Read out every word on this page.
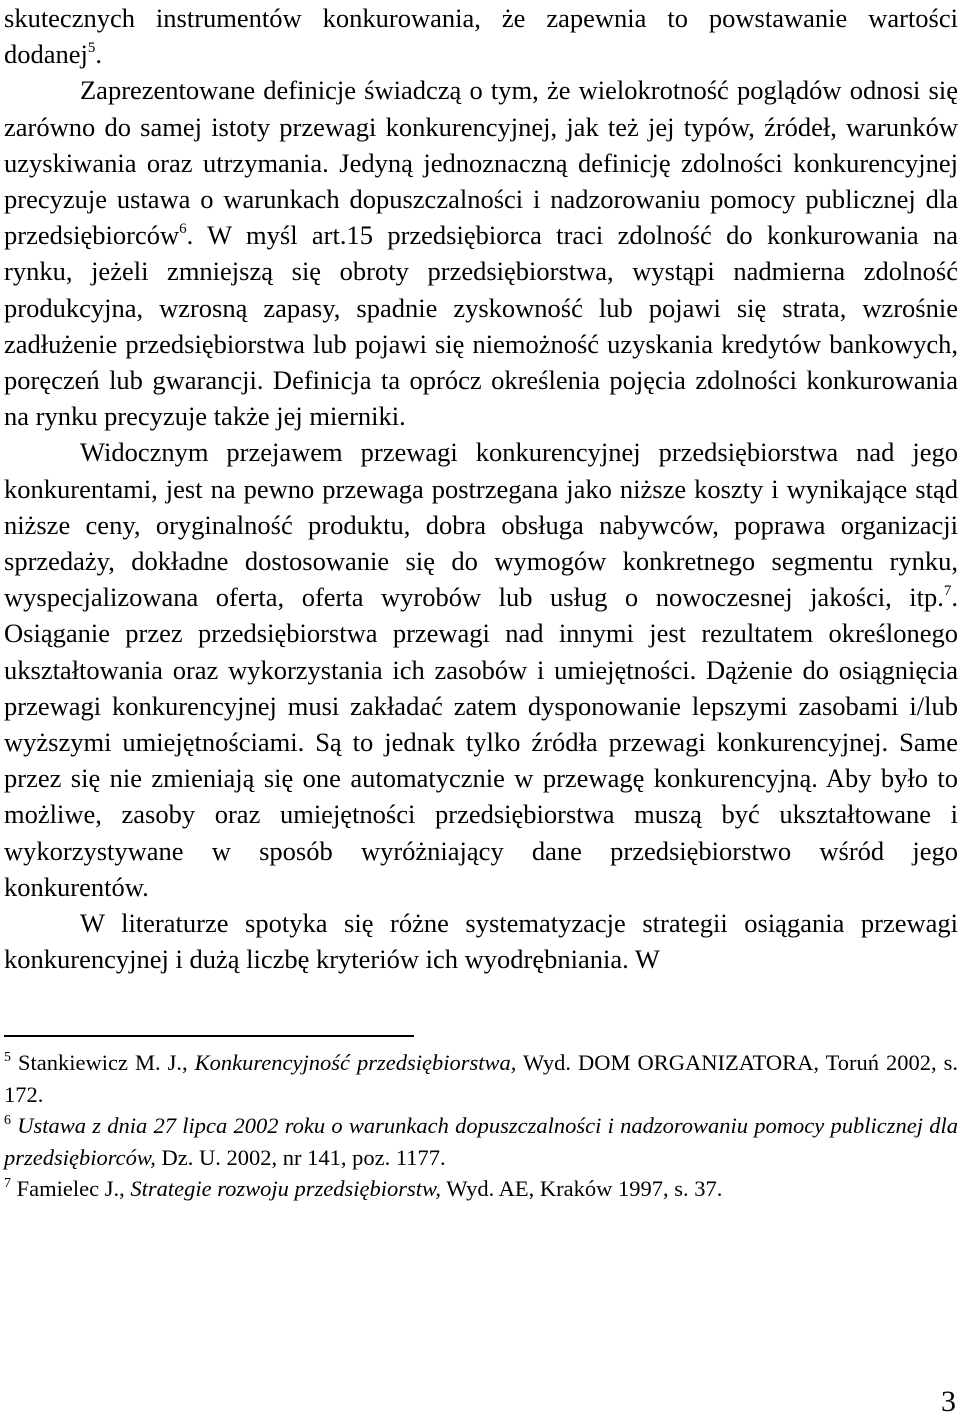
skutecznych instrumentów konkurowania, że zapewnia to powstawanie wartości dodanej$^5$.

Zaprezentowane definicje świadczą o tym, że wielokrotność poglądów odnosi się zarówno do samej istoty przewagi konkurencyjnej, jak też jej typów, źródeł, warunków uzyskiwania oraz utrzymania. Jedyną jednoznaczną definicję zdolności konkurencyjnej precyzuje ustawa o warunkach dopuszczalności i nadzorowaniu pomocy publicznej dla przedsiębiorców$^6$. W myśl art.15 przedsiębiorca traci zdolność do konkurowania na rynku, jeżeli zmniejszą się obroty przedsiębiorstwa, wystąpi nadmierna zdolność produkcyjna, wzrosną zapasy, spadnie zyskowność lub pojawi się strata, wzrośnie zadłużenie przedsiębiorstwa lub pojawi się niemożność uzyskania kredytów bankowych, poręczeń lub gwarancji. Definicja ta oprócz określenia pojęcia zdolności konkurowania na rynku precyzuje także jej mierniki.

Widocznym przejawem przewagi konkurencyjnej przedsiębiorstwa nad jego konkurentami, jest na pewno przewaga postrzegana jako niższe koszty i wynikające stąd niższe ceny, oryginalność produktu, dobra obsługa nabywców, poprawa organizacji sprzedaży, dokładne dostosowanie się do wymogów konkretnego segmentu rynku, wyspecjalizowana oferta, oferta wyrobów lub usług o nowoczesnej jakości, itp.$^7$. Osiąganie przez przedsiębiorstwa przewagi nad innymi jest rezultatem określonego ukształtowania oraz wykorzystania ich zasobów i umiejętności. Dążenie do osiągnięcia przewagi konkurencyjnej musi zakładać zatem dysponowanie lepszymi zasobami i/lub wyższymi umiejętnościami. Są to jednak tylko źródła przewagi konkurencyjnej. Same przez się nie zmieniają się one automatycznie w przewagę konkurencyjną. Aby było to możliwe, zasoby oraz umiejętności przedsiębiorstwa muszą być ukształtowane i wykorzystywane w sposób wyróżniający dane przedsiębiorstwo wśród jego konkurentów.

W literaturze spotyka się różne systematyzacje strategii osiągania przewagi konkurencyjnej i dużą liczbę kryteriów ich wyodrębniania. W

$^5$ Stankiewicz M. J., Konkurencyjność przedsiębiorstwa, Wyd. DOM ORGANIZATORA, Toruń 2002, s. 172.

$^6$ Ustawa z dnia 27 lipca 2002 roku o warunkach dopuszczalności i nadzorowaniu pomocy publicznej dla przedsiębiorców, Dz. U. 2002, nr 141, poz. 1177.

$^7$ Famielec J., Strategie rozwoju przedsiębiorstw, Wyd. AE, Kraków 1997, s. 37.

3
